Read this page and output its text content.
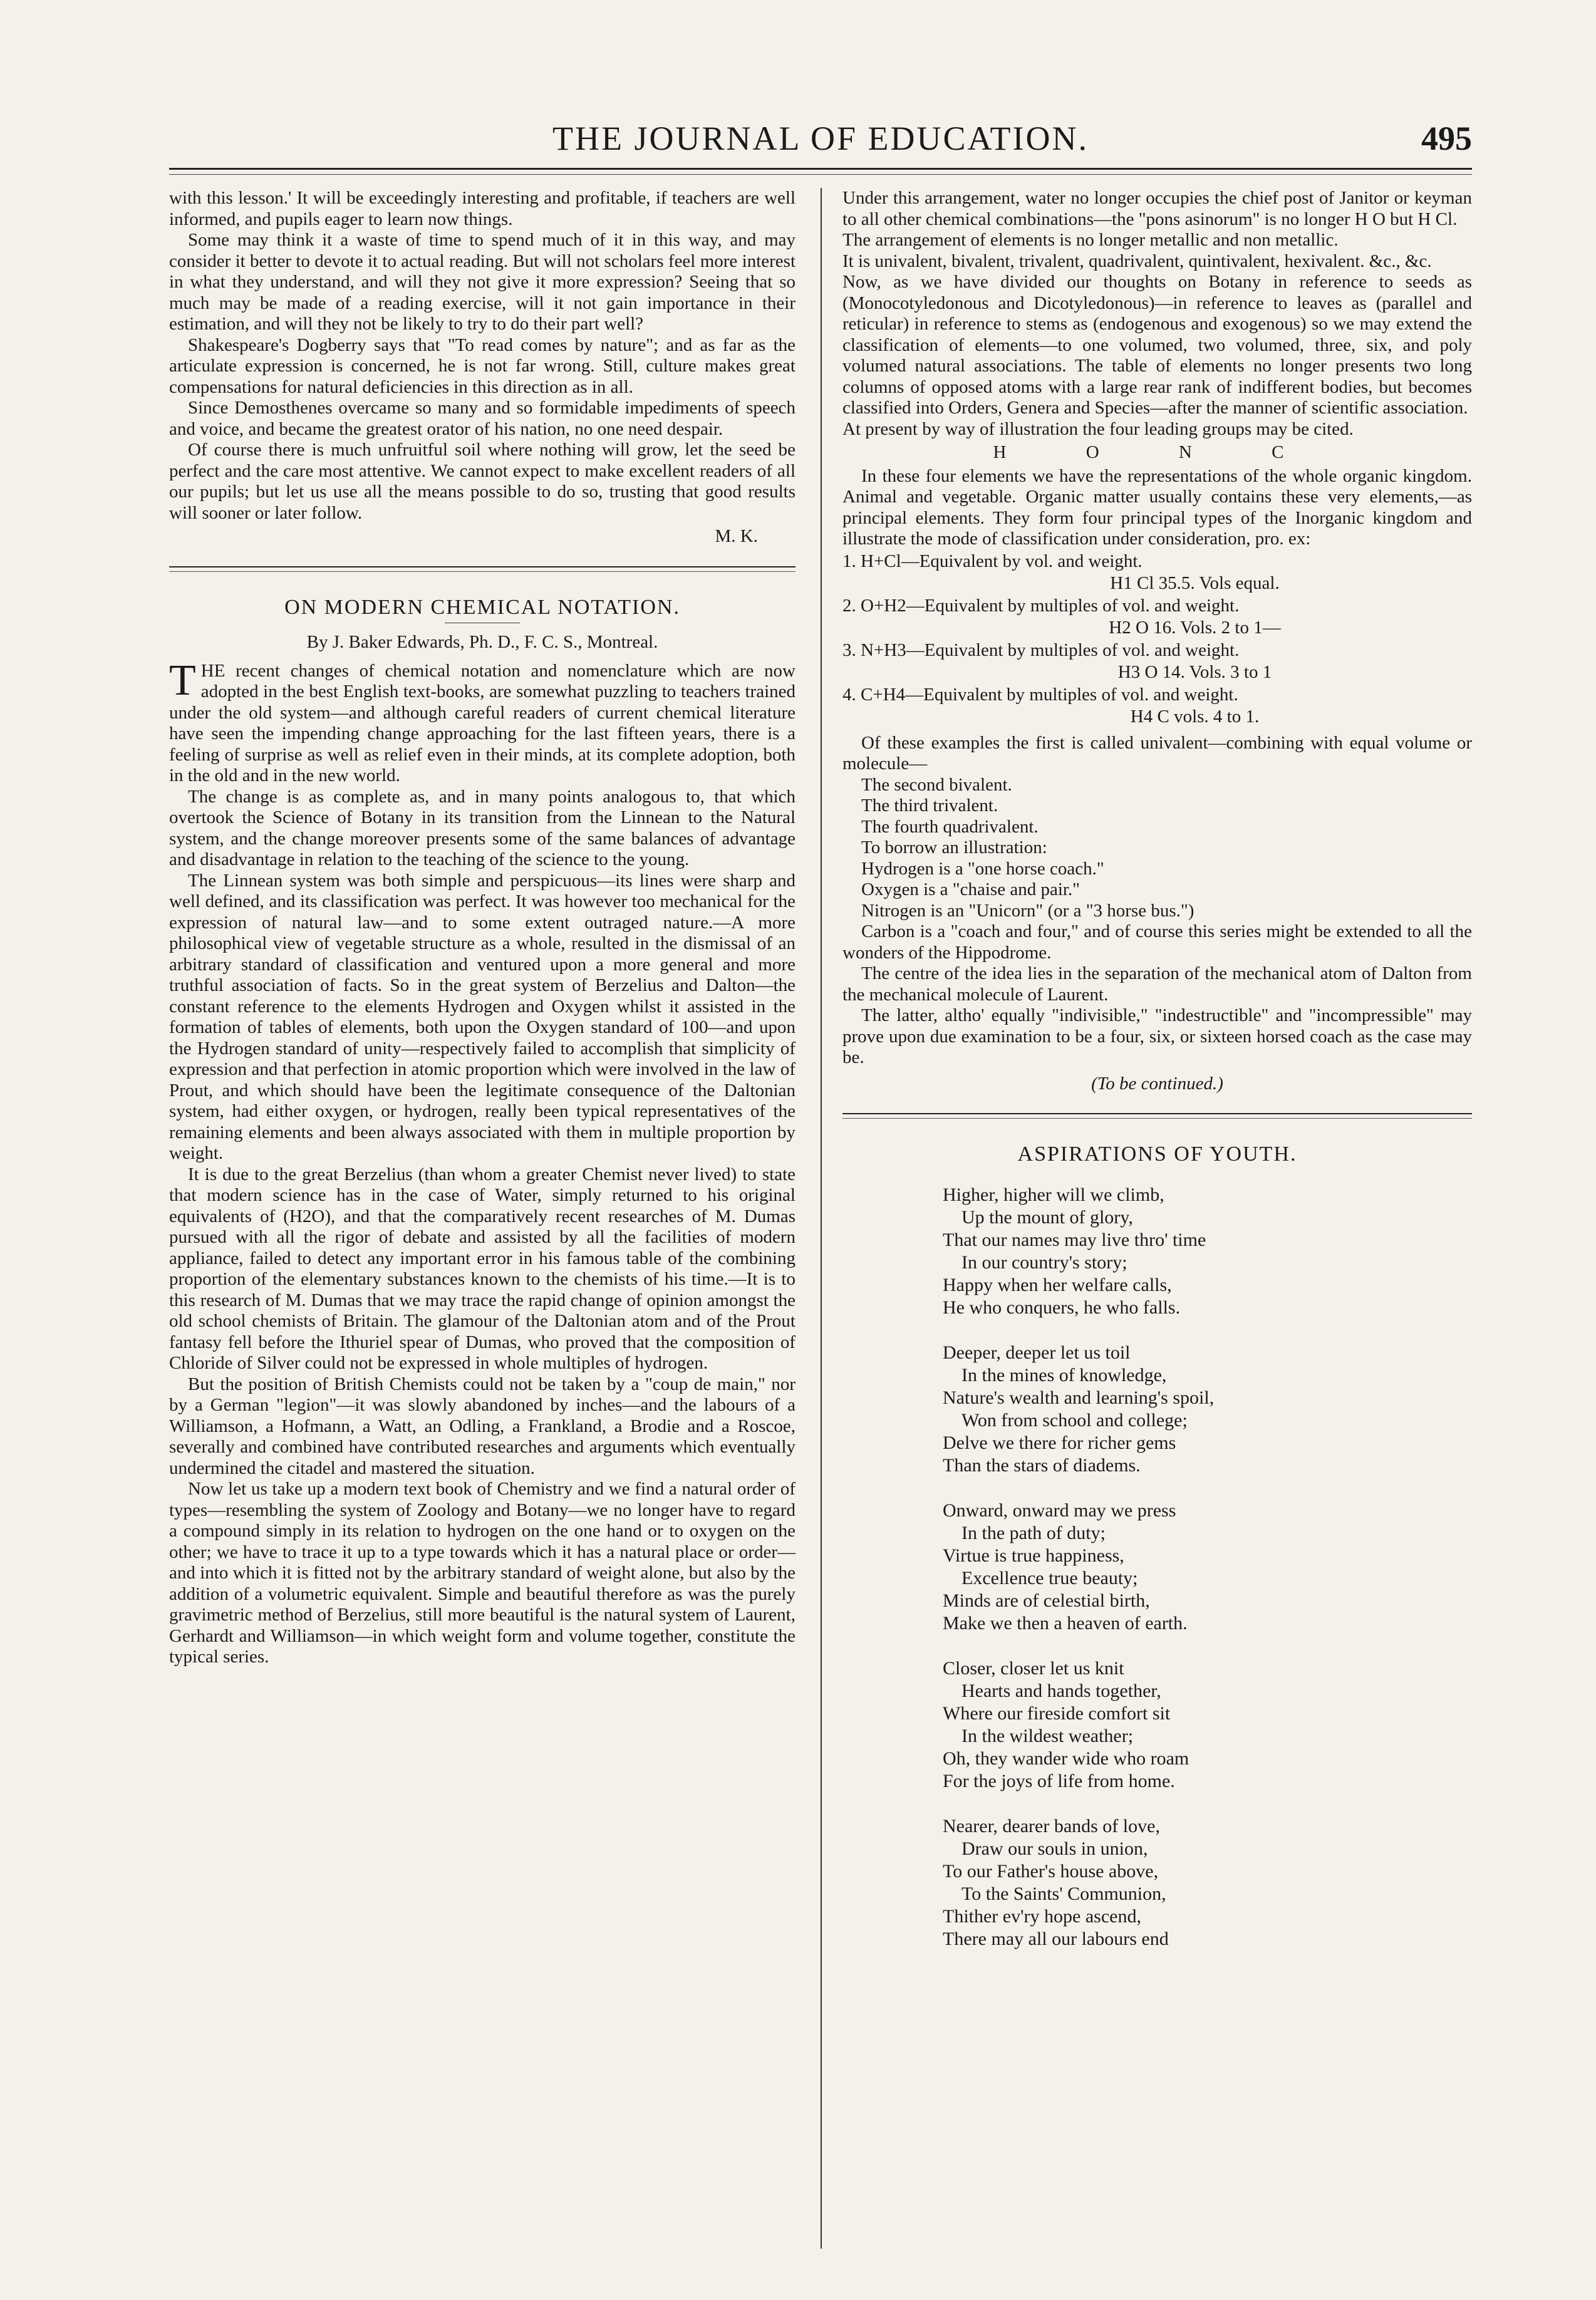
THE JOURNAL OF EDUCATION.	495

with this lesson.' It will be exceedingly interesting and profitable, if teachers are well informed, and pupils eager to learn now things.

Some may think it a waste of time to spend much of it in this way, and may consider it better to devote it to actual reading. But will not scholars feel more interest in what they understand, and will they not give it more expression? Seeing that so much may be made of a reading exercise, will it not gain importance in their estimation, and will they not be likely to try to do their part well?

Shakespeare's Dogberry says that "To read comes by nature"; and as far as the articulate expression is concerned, he is not far wrong. Still, culture makes great compensations for natural deficiencies in this direction as in all.

Since Demosthenes overcame so many and so formidable impediments of speech and voice, and became the greatest orator of his nation, no one need despair.

Of course there is much unfruitful soil where nothing will grow, let the seed be perfect and the care most attentive. We cannot expect to make excellent readers of all our pupils; but let us use all the means possible to do so, trusting that good results will sooner or later follow.

M. K.
ON MODERN CHEMICAL NOTATION.
By J. Baker Edwards, Ph. D., F. C. S., Montreal.

THE recent changes of chemical notation and nomenclature which are now adopted in the best English text-books, are somewhat puzzling to teachers trained under the old system—and although careful readers of current chemical literature have seen the impending change approaching for the last fifteen years, there is a feeling of surprise as well as relief even in their minds, at its complete adoption, both in the old and in the new world.

The change is as complete as, and in many points analogous to, that which overtook the Science of Botany in its transition from the Linnean to the Natural system, and the change moreover presents some of the same balances of advantage and disadvantage in relation to the teaching of the science to the young.

The Linnean system was both simple and perspicuous—its lines were sharp and well defined, and its classification was perfect. It was however too mechanical for the expression of natural law—and to some extent outraged nature.—A more philosophical view of vegetable structure as a whole, resulted in the dismissal of an arbitrary standard of classification and ventured upon a more general and more truthful association of facts. So in the great system of Berzelius and Dalton—the constant reference to the elements Hydrogen and Oxygen whilst it assisted in the formation of tables of elements, both upon the Oxygen standard of 100—and upon the Hydrogen standard of unity—respectively failed to accomplish that simplicity of expression and that perfection in atomic proportion which were involved in the law of Prout, and which should have been the legitimate consequence of the Daltonian system, had either oxygen, or hydrogen, really been typical representatives of the remaining elements and been always associated with them in multiple proportion by weight.

It is due to the great Berzelius (than whom a greater Chemist never lived) to state that modern science has in the case of Water, simply returned to his original equivalents of (H2O), and that the comparatively recent researches of M. Dumas pursued with all the rigor of debate and assisted by all the facilities of modern appliance, failed to detect any important error in his famous table of the combining proportion of the elementary substances known to the chemists of his time.—It is to this research of M. Dumas that we may trace the rapid change of opinion amongst the old school chemists of Britain. The glamour of the Daltonian atom and of the Prout fantasy fell before the Ithuriel spear of Dumas, who proved that the composition of Chloride of Silver could not be expressed in whole multiples of hydrogen.

But the position of British Chemists could not be taken by a "coup de main," nor by a German "legion"—it was slowly abandoned by inches—and the labours of a Williamson, a Hofmann, a Watt, an Odling, a Frankland, a Brodie and a Roscoe, severally and combined have contributed researches and arguments which eventually undermined the citadel and mastered the situation.

Now let us take up a modern text book of Chemistry and we find a natural order of types—resembling the system of Zoology and Botany—we no longer have to regard a compound simply in its relation to hydrogen on the one hand or to oxygen on the other; we have to trace it up to a type towards which it has a natural place or order—and into which it is fitted not by the arbitrary standard of weight alone, but also by the addition of a volumetric equivalent. Simple and beautiful therefore as was the purely gravimetric method of Berzelius, still more beautiful is the natural system of Laurent, Gerhardt and Williamson—in which weight form and volume together, constitute the typical series.

Under this arrangement, water no longer occupies the chief post of Janitor or keyman to all other chemical combinations—the "pons asinorum" is no longer H O but H Cl.

The arrangement of elements is no longer metallic and non metallic.

It is univalent, bivalent, trivalent, quadrivalent, quintivalent, hexivalent. &c., &c.

Now, as we have divided our thoughts on Botany in reference to seeds as (Monocotyledonous and Dicotyledonous)—in reference to leaves as (parallel and reticular) in reference to stems as (endogenous and exogenous) so we may extend the classification of elements—to one volumed, two volumed, three, six, and poly volumed natural associations. The table of elements no longer presents two long columns of opposed atoms with a large rear rank of indifferent bodies, but becomes classified into Orders, Genera and Species—after the manner of scientific association.

At present by way of illustration the four leading groups may be cited.

H O N C

In these four elements we have the representations of the whole organic kingdom. Animal and vegetable. Organic matter usually contains these very elements,—as principal elements. They form four principal types of the Inorganic kingdom and illustrate the mode of classification under consideration, pro. ex:

1. H+Cl—Equivalent by vol. and weight.

H1 Cl 35.5. Vols equal.

2. O+H2—Equivalent by multiples of vol. and weight.

H2 O 16. Vols. 2 to 1—

3. N+H3—Equivalent by multiples of vol. and weight.

H3 O 14. Vols. 3 to 1

4. C+H4—Equivalent by multiples of vol. and weight.

H4 C vols. 4 to 1.

Of these examples the first is called univalent—combining with equal volume or molecule—

The second bivalent.

The third trivalent.

The fourth quadrivalent.

To borrow an illustration:

Hydrogen is a "one horse coach."

Oxygen is a "chaise and pair."

Nitrogen is an "Unicorn" (or a "3 horse bus.")

Carbon is a "coach and four," and of course this series might be extended to all the wonders of the Hippodrome.

The centre of the idea lies in the separation of the mechanical atom of Dalton from the mechanical molecule of Laurent.

The latter, altho' equally "indivisible," "indestructible" and "incompressible" may prove upon due examination to be a four, six, or sixteen horsed coach as the case may be.

(To be continued.)

ASPIRATIONS OF YOUTH.

Higher, higher will we climb,

Up the mount of glory,

That our names may live thro' time

In our country's story;

Happy when her welfare calls,

He who conquers, he who falls.

Deeper, deeper let us toil

In the mines of knowledge,

Nature's wealth and learning's spoil,

Won from school and college;

Delve we there for richer gems

Than the stars of diadems.

Onward, onward may we press

In the path of duty;

Virtue is true happiness,

Excellence true beauty;

Minds are of celestial birth,

Make we then a heaven of earth.

Closer, closer let us knit

Hearts and hands together,

Where our fireside comfort sit

In the wildest weather;

Oh, they wander wide who roam

For the joys of life from home.

Nearer, dearer bands of love,

Draw our souls in union,

To our Father's house above,

To the Saints' Communion,

Thither ev'ry hope ascend,

There may all our labours end
